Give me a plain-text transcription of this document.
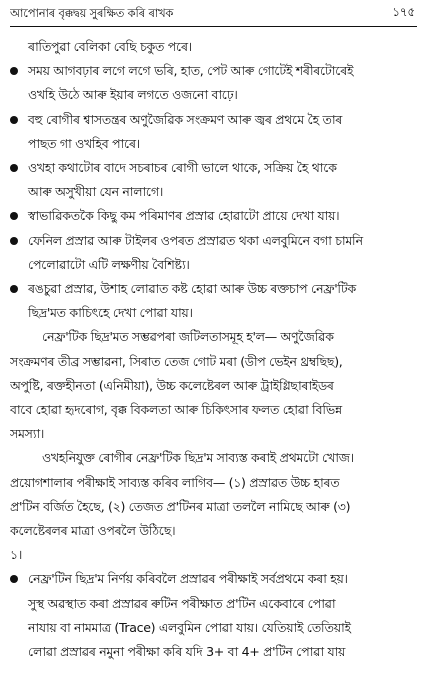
আপোনাৰ বৃক্কদ্বয় সুৰক্ষিত কৰি ৰাখক	১৭৫
ৰাতিপুৱা বেলিকা বেছি চকুত পৰে।
সময় আগবঢ়াৰ লগে লগে ভৰি, হাত, পেট আৰু গোটেই শৰীৰটোৰেই
ওখহি উঠে আৰু ইয়াৰ লগতে ওজনো বাঢ়ে।
বহু ৰোগীৰ শ্বাসতন্ত্ৰৰ অণুজৈৱিক সংক্ৰমণ আৰু জ্বৰ প্ৰথমে হৈ তাৰ
পাছত গা ওখহিব পাৰে।
ওখহা কথাটোৰ বাদে সচৰাচৰ ৰোগী ভালে থাকে, সক্ৰিয় হৈ থাকে
আৰু অসুখীয়া যেন নালাগে।
স্বাভাৱিকতকৈ কিছু কম পৰিমাণৰ প্ৰস্ৰাৱ হোৱাটো প্ৰায়ে দেখা যায়।
ফেনিল প্ৰস্ৰাৱ আৰু টাইলৰ ওপৰত প্ৰস্ৰাৱত থকা এলবুমিনে বগা চামনি
পেলোৱাটো এটি লক্ষণীয় বৈশিষ্ট্য।
ৰঙচুৱা প্ৰস্ৰাৱ, উশাহ লোৱাত কষ্ট হোৱা আৰু উচ্চ ৰক্তচাপ নেফ্ৰ'টিক
ছিদ্ৰ'মত কাচিৎহে দেখা পোৱা যায়।
নেফ্ৰ'টিক ছিদ্ৰ'মত সম্ভৱপৰা জটিলতাসমূহ হ'ল— অণুজৈৱিক
সংক্ৰমণৰ তীব্ৰ সম্ভাৱনা, সিৰাত তেজ গোট মৰা (ডীপ ভেইন থ্ৰম্বছিছ),
অপুষ্টি, ৰক্তহীনতা (এনিমীয়া), উচ্চ কলেষ্টেৰল আৰু ট্ৰাইগ্লিছাৰাইডৰ
বাবে হোৱা হৃদৰোগ, বৃক্ক বিকলতা আৰু চিকিৎসাৰ ফলত হোৱা বিভিন্ন
সমস্যা।
ওখহনিযুক্ত ৰোগীৰ নেফ্ৰ'টিক ছিদ্ৰ'ম সাব্যস্ত কৰাই প্ৰথমটো খোজ।
প্ৰয়োগশালাৰ পৰীক্ষাই সাব্যস্ত কৰিব লাগিব— (১) প্ৰস্ৰাৱত উচ্চ হাৰত
প্ৰ'টিন বৰ্জিত হৈছে, (২) তেজত প্ৰ'টিনৰ মাত্ৰা তললৈ নামিছে আৰু (৩)
কলেষ্টেৰলৰ মাত্ৰা ওপৰলৈ উঠিছে।
১।
নেফ্ৰ'টিন ছিদ্ৰ'ম নিৰ্ণয় কৰিবলৈ প্ৰস্ৰাৱৰ পৰীক্ষাই সৰ্বপ্ৰথমে কৰা হয়।
সুস্থ অৱস্থাত কৰা প্ৰস্ৰাৱৰ ৰুটিন পৰীক্ষাত প্ৰ'টিন একেবাৰে পোৱা
নাযায় বা নামমাত্ৰ (Trace) এলবুমিন পোৱা যায়। যেতিয়াই তেতিয়াই
লোৱা প্ৰস্ৰাৱৰ নমুনা পৰীক্ষা কৰি যদি 3+ বা 4+ প্ৰ'টিন পোৱা যায়
